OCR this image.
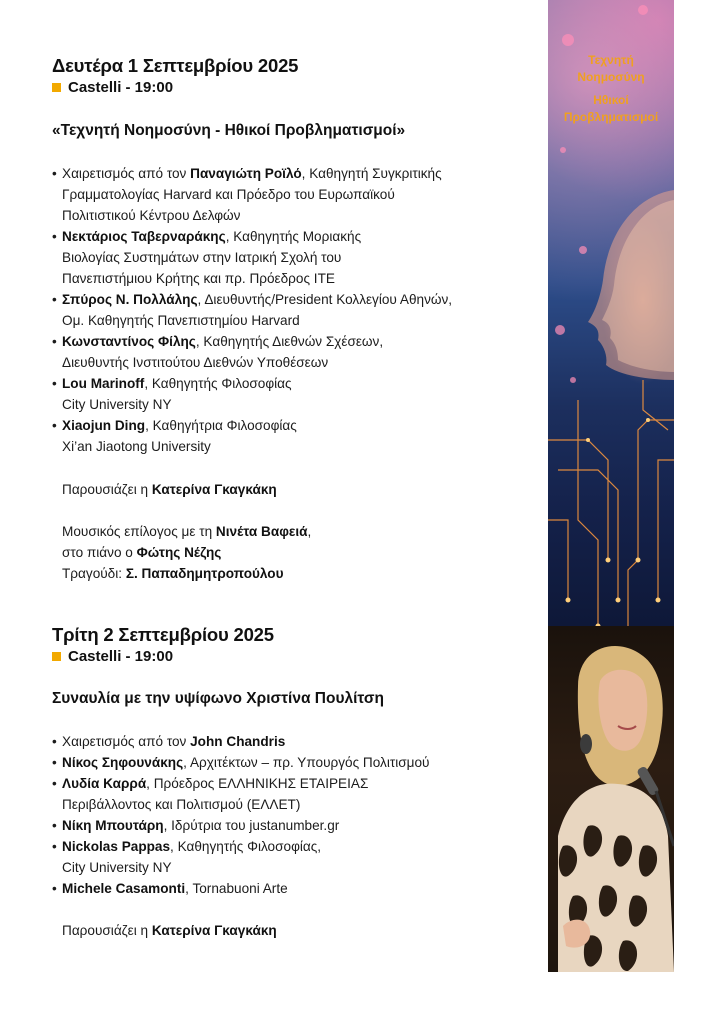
Δευτέρα 1 Σεπτεμβρίου 2025
Castelli - 19:00
«Τεχνητή Νοημοσύνη - Ηθικοί Προβληματισμοί»
• Χαιρετισμός από τον Παναγιώτη Ροϊλό, Καθηγητή Συγκριτικής
Γραμματολογίας Harvard και Πρόεδρο του Ευρωπαϊκού
Πολιτιστικού Κέντρου Δελφών
• Νεκτάριος Ταβερναράκης, Καθηγητής Μοριακής
Βιολογίας Συστημάτων στην Ιατρική Σχολή του
Πανεπιστήμιου Κρήτης και πρ. Πρόεδρος ΙΤΕ
• Σπύρος Ν. Πολλάλης, Διευθυντής/President Κολλεγίου Αθηνών,
Ομ. Καθηγητής Πανεπιστημίου Harvard
• Κωνσταντίνος Φίλης, Καθηγητής Διεθνών Σχέσεων,
Διευθυντής Ινστιτούτου Διεθνών Υποθέσεων
• Lou Marinoff, Καθηγητής Φιλοσοφίας
City University NY
• Xiaojun Ding, Καθηγήτρια Φιλοσοφίας
Xi’an Jiaotong University
Παρουσιάζει η Κατερίνα Γκαγκάκη
Μουσικός επίλογος με τη Νινέτα Βαφειά,
στο πιάνο ο Φώτης Νέζης
Τραγούδι: Σ. Παπαδημητροπούλου
Τρίτη 2 Σεπτεμβρίου 2025
Castelli - 19:00
Συναυλία με την υψίφωνο Χριστίνα Πουλίτση
• Χαιρετισμός από τον John Chandris
• Νίκος Σηφουνάκης, Αρχιτέκτων – πρ. Υπουργός Πολιτισμού
• Λυδία Καρρά, Πρόεδρος ΕΛΛΗΝΙΚΗΣ ΕΤΑΙΡΕΙΑΣ
Περιβάλλοντος και Πολιτισμού (ΕΛΛΕΤ)
• Νίκη Μπουτάρη, Ιδρύτρια του justanumber.gr
• Nickolas Pappas, Καθηγητής Φιλοσοφίας,
City University NY
• Michele Casamonti, Tornabuoni Arte
Παρουσιάζει η Κατερίνα Γκαγκάκη
Τεχνητή
Νοημοσύνη
Ηθικοί
Προβληματισμοί
